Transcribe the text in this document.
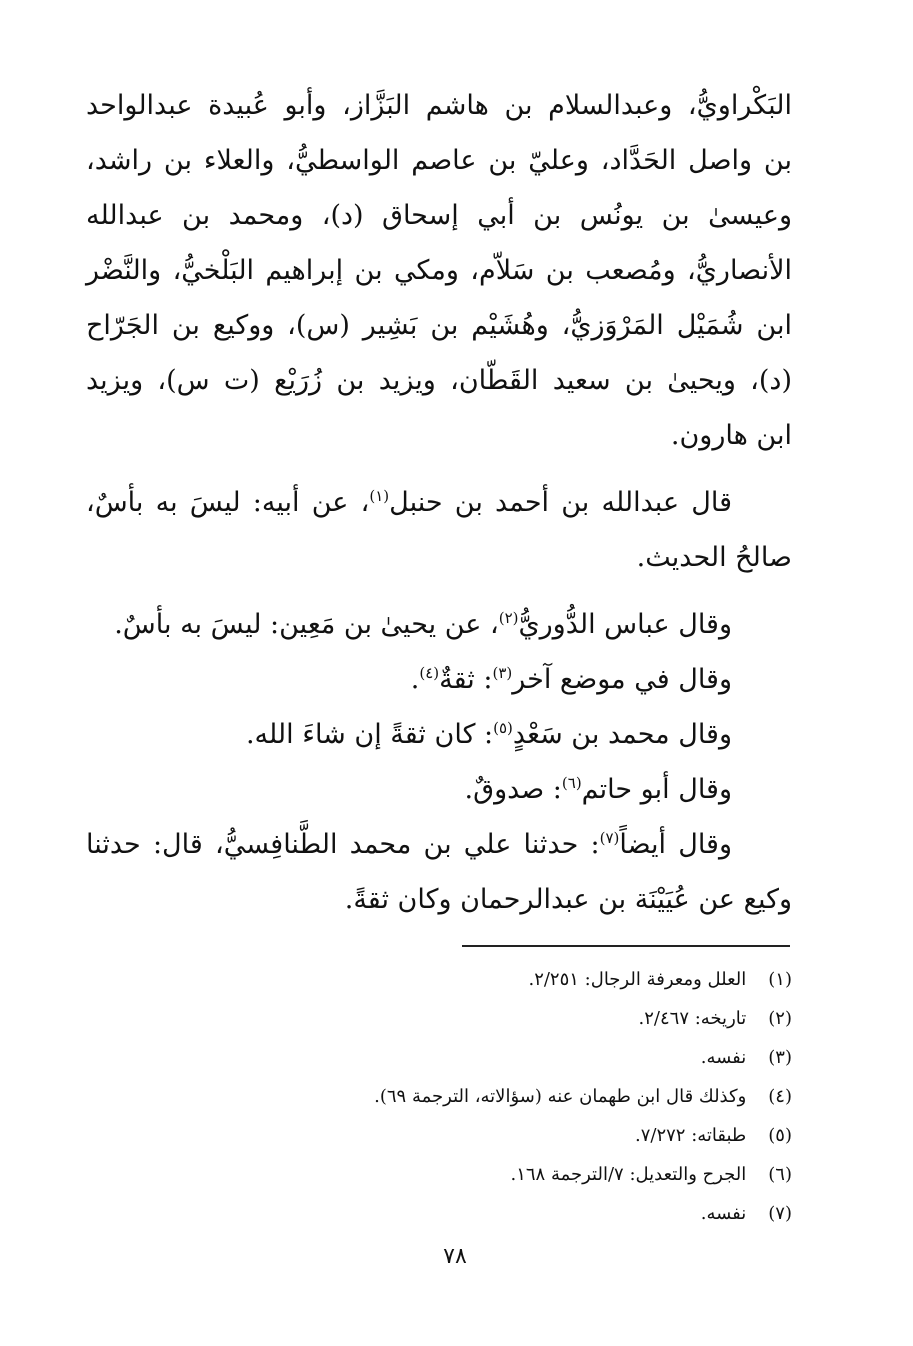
البَكْراويُّ، وعبدالسلام بن هاشم البَزَّاز، وأبو عُبيدة عبدالواحد
بن واصل الحَدَّاد، وعليّ بن عاصم الواسطيُّ، والعلاء بن راشد،
وعيسىٰ بن يونُس بن أبي إسحاق (د)، ومحمد بن عبدالله
الأنصاريُّ، ومُصعب بن سَلاّم، ومكي بن إبراهيم البَلْخيُّ، والنَّضْر
ابن شُمَيْل المَرْوَزيُّ، وهُشَيْم بن بَشِير (س)، ووكيع بن الجَرّاح
(د)، ويحيىٰ بن سعيد القَطّان، ويزيد بن زُرَيْع (ت س)، ويزيد
ابن هارون.
قال عبدالله بن أحمد بن حنبل$^{(١)}$، عن أبيه: ليسَ به بأسٌ،
صالحُ الحديث.
وقال عباس الدُّوريُّ$^{(٢)}$، عن يحيىٰ بن مَعِين: ليسَ به بأسٌ.
وقال في موضع آخر$^{(٣)}$: ثقةٌ$^{(٤)}$.
وقال محمد بن سَعْدٍ$^{(٥)}$: كان ثقةً إن شاءَ الله.
وقال أبو حاتم$^{(٦)}$: صدوقٌ.
وقال أيضاً$^{(٧)}$: حدثنا علي بن محمد الطَّنافِسيُّ، قال: حدثنا
وكيع عن عُيَيْنَة بن عبدالرحمان وكان ثقةً.
(١) العلل ومعرفة الرجال: ٢/٢٥١.
(٢) تاريخه: ٢/٤٦٧.
(٣) نفسه.
(٤) وكذلك قال ابن طهمان عنه (سؤالاته، الترجمة ٦٩).
(٥) طبقاته: ٧/٢٧٢.
(٦) الجرح والتعديل: ٧/الترجمة ١٦٨.
(٧) نفسه.
٧٨
